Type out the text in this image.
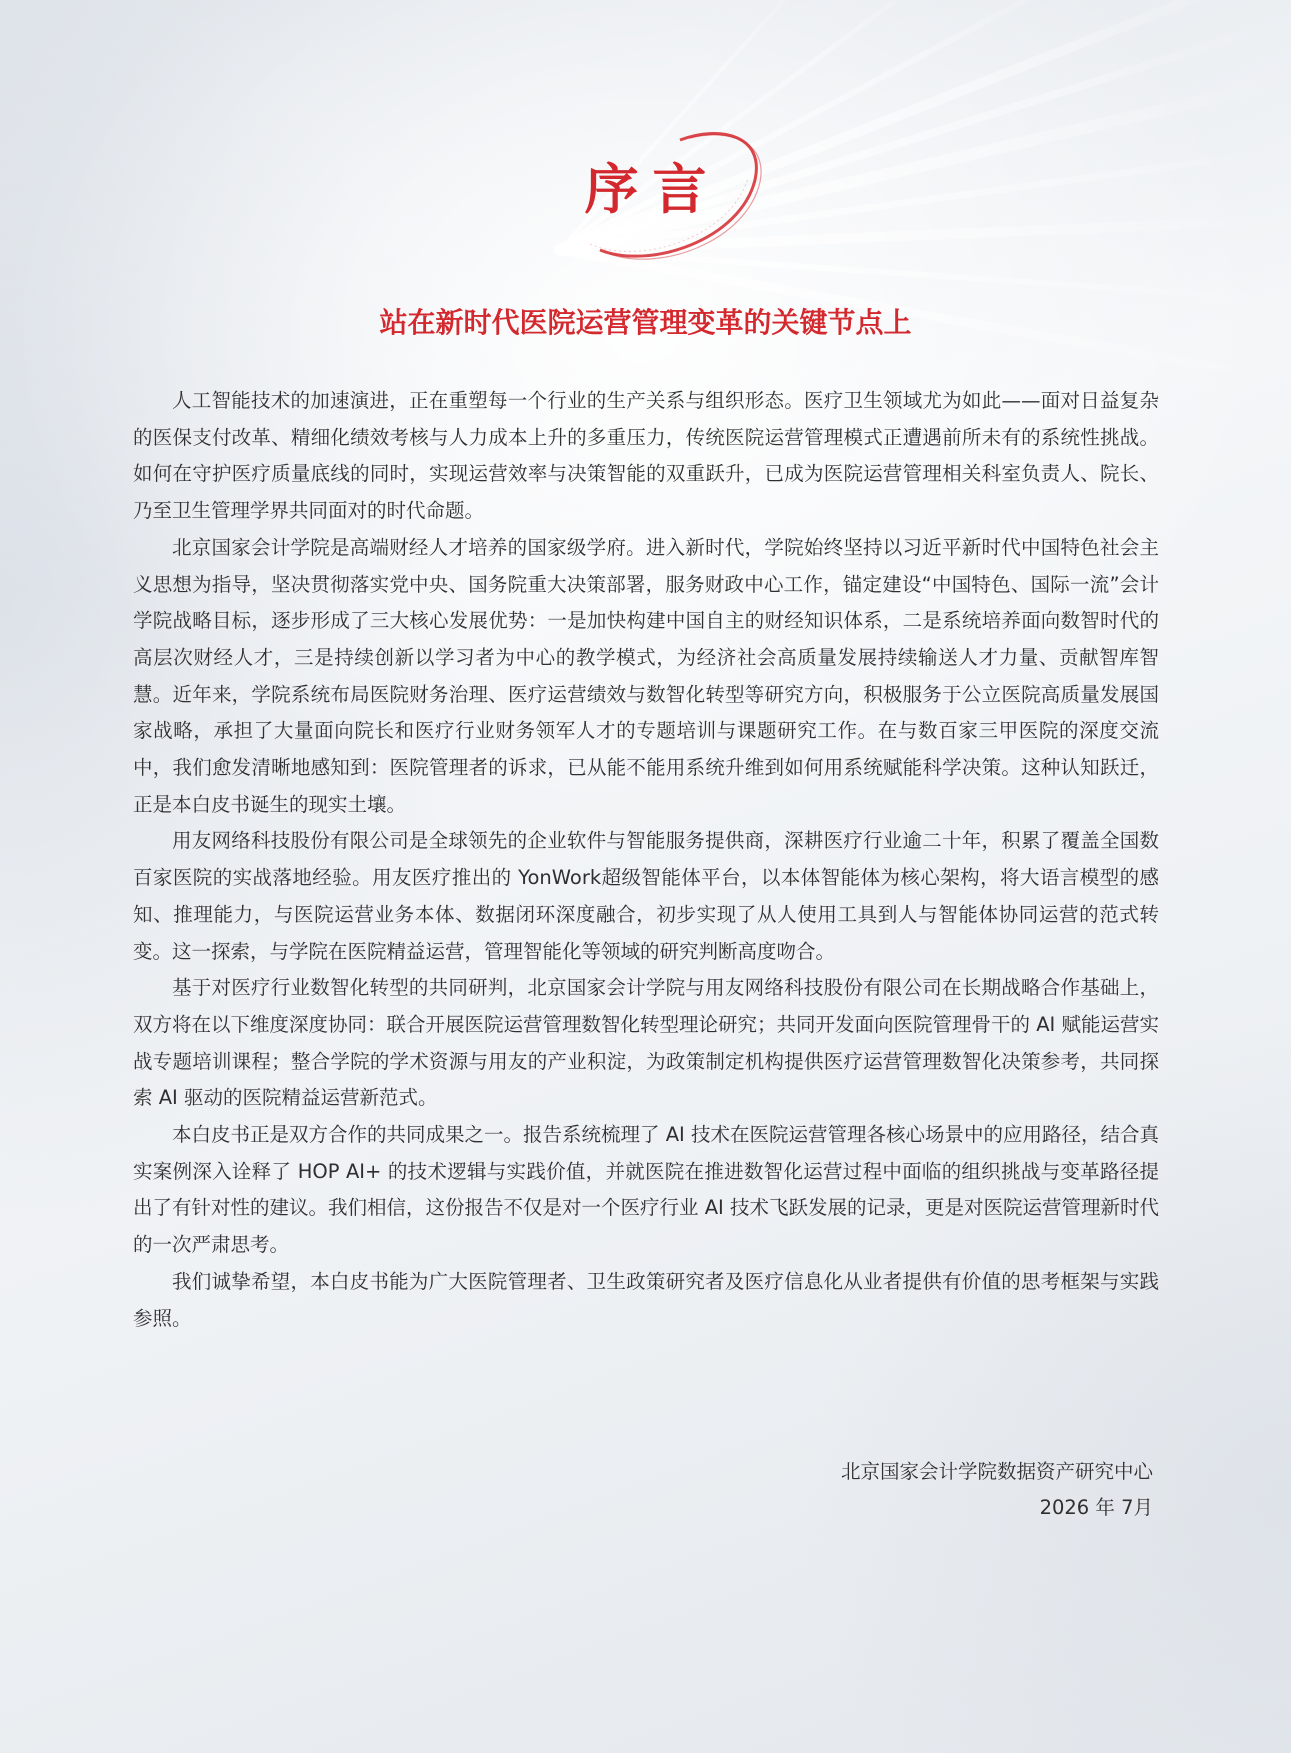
序言
站在新时代医院运营管理变革的关键节点上

人工智能技术的加速演进，正在重塑每一个行业的生产关系与组织形态。医疗卫生领域尤为如此——面对日益复杂的医保支付改革、精细化绩效考核与人力成本上升的多重压力，传统医院运营管理模式正遭遇前所未有的系统性挑战。如何在守护医疗质量底线的同时，实现运营效率与决策智能的双重跃升，已成为医院运营管理相关科室负责人、院长、乃至卫生管理学界共同面对的时代命题。

北京国家会计学院是高端财经人才培养的国家级学府。进入新时代，学院始终坚持以习近平新时代中国特色社会主义思想为指导，坚决贯彻落实党中央、国务院重大决策部署，服务财政中心工作，锚定建设“中国特色、国际一流”会计学院战略目标，逐步形成了三大核心发展优势：一是加快构建中国自主的财经知识体系，二是系统培养面向数智时代的高层次财经人才，三是持续创新以学习者为中心的教学模式，为经济社会高质量发展持续输送人才力量、贡献智库智慧。近年来，学院系统布局医院财务治理、医疗运营绩效与数智化转型等研究方向，积极服务于公立医院高质量发展国家战略，承担了大量面向院长和医疗行业财务领军人才的专题培训与课题研究工作。在与数百家三甲医院的深度交流中，我们愈发清晰地感知到：医院管理者的诉求，已从能不能用系统升维到如何用系统赋能科学决策。这种认知跃迁，正是本白皮书诞生的现实土壤。

用友网络科技股份有限公司是全球领先的企业软件与智能服务提供商，深耕医疗行业逾二十年，积累了覆盖全国数百家医院的实战落地经验。用友医疗推出的 YonWork超级智能体平台，以本体智能体为核心架构，将大语言模型的感知、推理能力，与医院运营业务本体、数据闭环深度融合，初步实现了从人使用工具到人与智能体协同运营的范式转变。这一探索，与学院在医院精益运营，管理智能化等领域的研究判断高度吻合。

基于对医疗行业数智化转型的共同研判，北京国家会计学院与用友网络科技股份有限公司在长期战略合作基础上，双方将在以下维度深度协同：联合开展医院运营管理数智化转型理论研究；共同开发面向医院管理骨干的 AI 赋能运营实战专题培训课程；整合学院的学术资源与用友的产业积淀，为政策制定机构提供医疗运营管理数智化决策参考，共同探索 AI 驱动的医院精益运营新范式。

本白皮书正是双方合作的共同成果之一。报告系统梳理了 AI 技术在医院运营管理各核心场景中的应用路径，结合真实案例深入诠释了 HOP AI+ 的技术逻辑与实践价值，并就医院在推进数智化运营过程中面临的组织挑战与变革路径提出了有针对性的建议。我们相信，这份报告不仅是对一个医疗行业 AI 技术飞跃发展的记录，更是对医院运营管理新时代的一次严肃思考。

我们诚挚希望，本白皮书能为广大医院管理者、卫生政策研究者及医疗信息化从业者提供有价值的思考框架与实践参照。

北京国家会计学院数据资产研究中心
2026 年 7月
